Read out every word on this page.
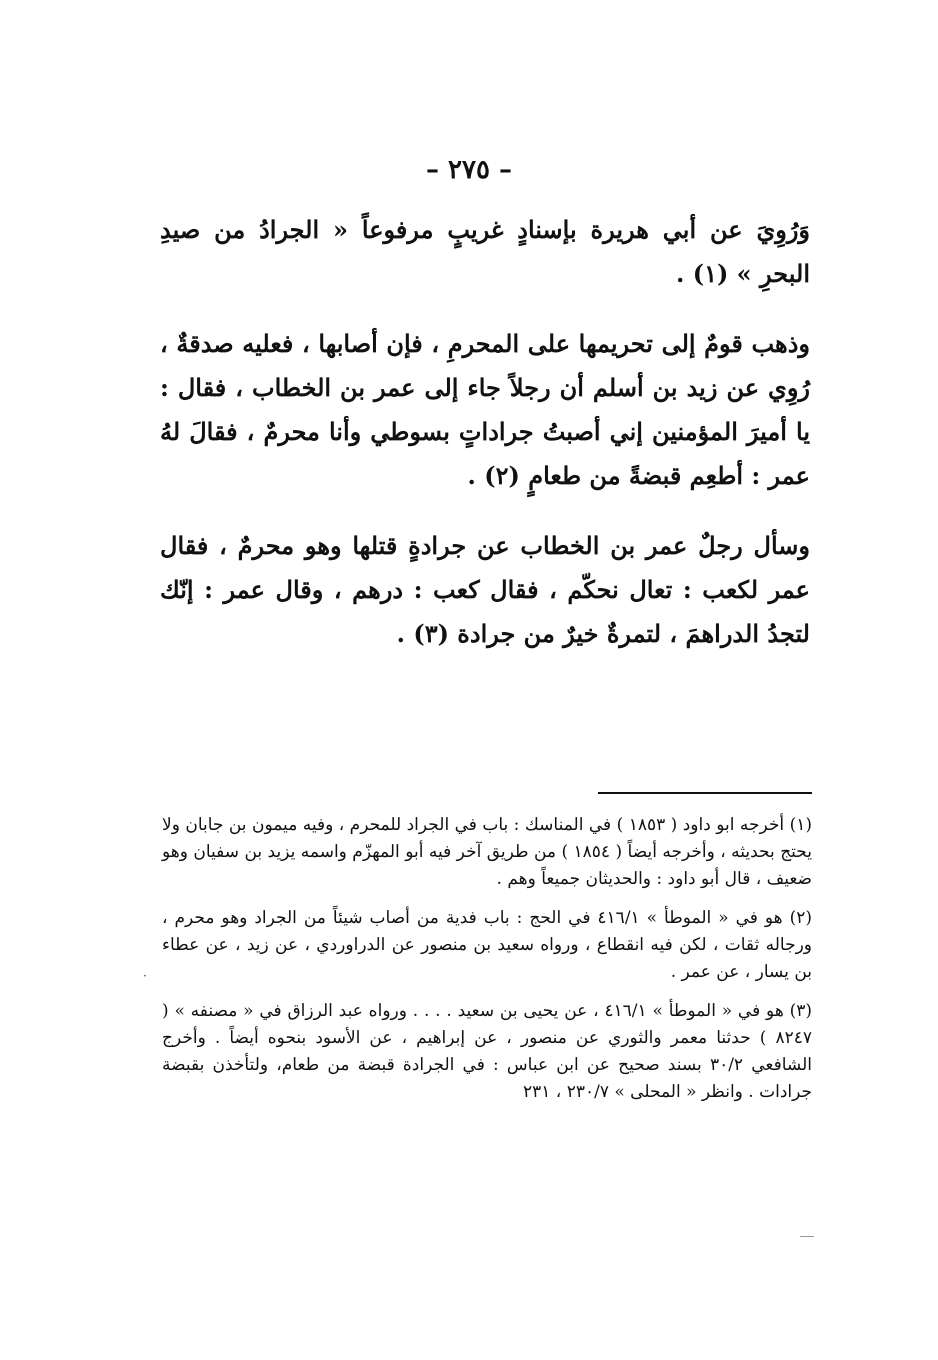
– ٢٧٥ –

وَرُوِيَ عن أبي هريرة بإسنادٍ غريبٍ مرفوعاً « الجرادُ من صيدِ البحرِ » (١) .

وذهب قومٌ إلى تحريمها على المحرمِ ، فإن أصابها ، فعليه صدقةٌ ، رُوِي عن زيد بن أسلم أن رجلاً جاء إلى عمر بن الخطاب ، فقال : يا أميرَ المؤمنين إني أصبتُ جراداتٍ بسوطي وأنا محرمٌ ، فقالَ لهُ عمر : أطعِم قبضةً من طعامٍ (٢) .

وسأل رجلٌ عمر بن الخطاب عن جرادةٍ قتلها وهو محرمٌ ، فقال عمر لكعب : تعال نحكّم ، فقال كعب : درهم ، وقال عمر : إنّك لتجدُ الدراهمَ ، لتمرةٌ خيرٌ من جرادة (٣) .

(١) أخرجه ابو داود ( ١٨٥٣ ) في المناسك : باب في الجراد للمحرم ، وفيه ميمون بن جابان ولا يحتج بحديثه ، وأخرجه أيضاً ( ١٨٥٤ ) من طريق آخر فيه أبو المهزّم واسمه يزيد بن سفيان وهو ضعيف ، قال أبو داود : والحديثان جميعاً وهم .

(٢) هو في « الموطأ » ٤١٦/١ في الحج : باب فدية من أصاب شيئاً من الجراد وهو محرم ، ورجاله ثقات ، لكن فيه انقطاع ، ورواه سعيد بن منصور عن الدراوردي ، عن زيد ، عن عطاء بن يسار ، عن عمر .

(٣) هو في « الموطأ » ٤١٦/١ ، عن يحيى بن سعيد . . . . ورواه عبد الرزاق في « مصنفه » ( ٨٢٤٧ ) حدثنا معمر والثوري عن منصور ، عن إبراهيم ، عن الأسود بنحوه أيضاً . وأخرج الشافعي ٣٠/٢ بسند صحيح عن ابن عباس : في الجرادة قبضة من طعام، ولتأخذن بقبضة جرادات . وانظر « المحلى » ٢٣٠/٧ ، ٢٣١

·
